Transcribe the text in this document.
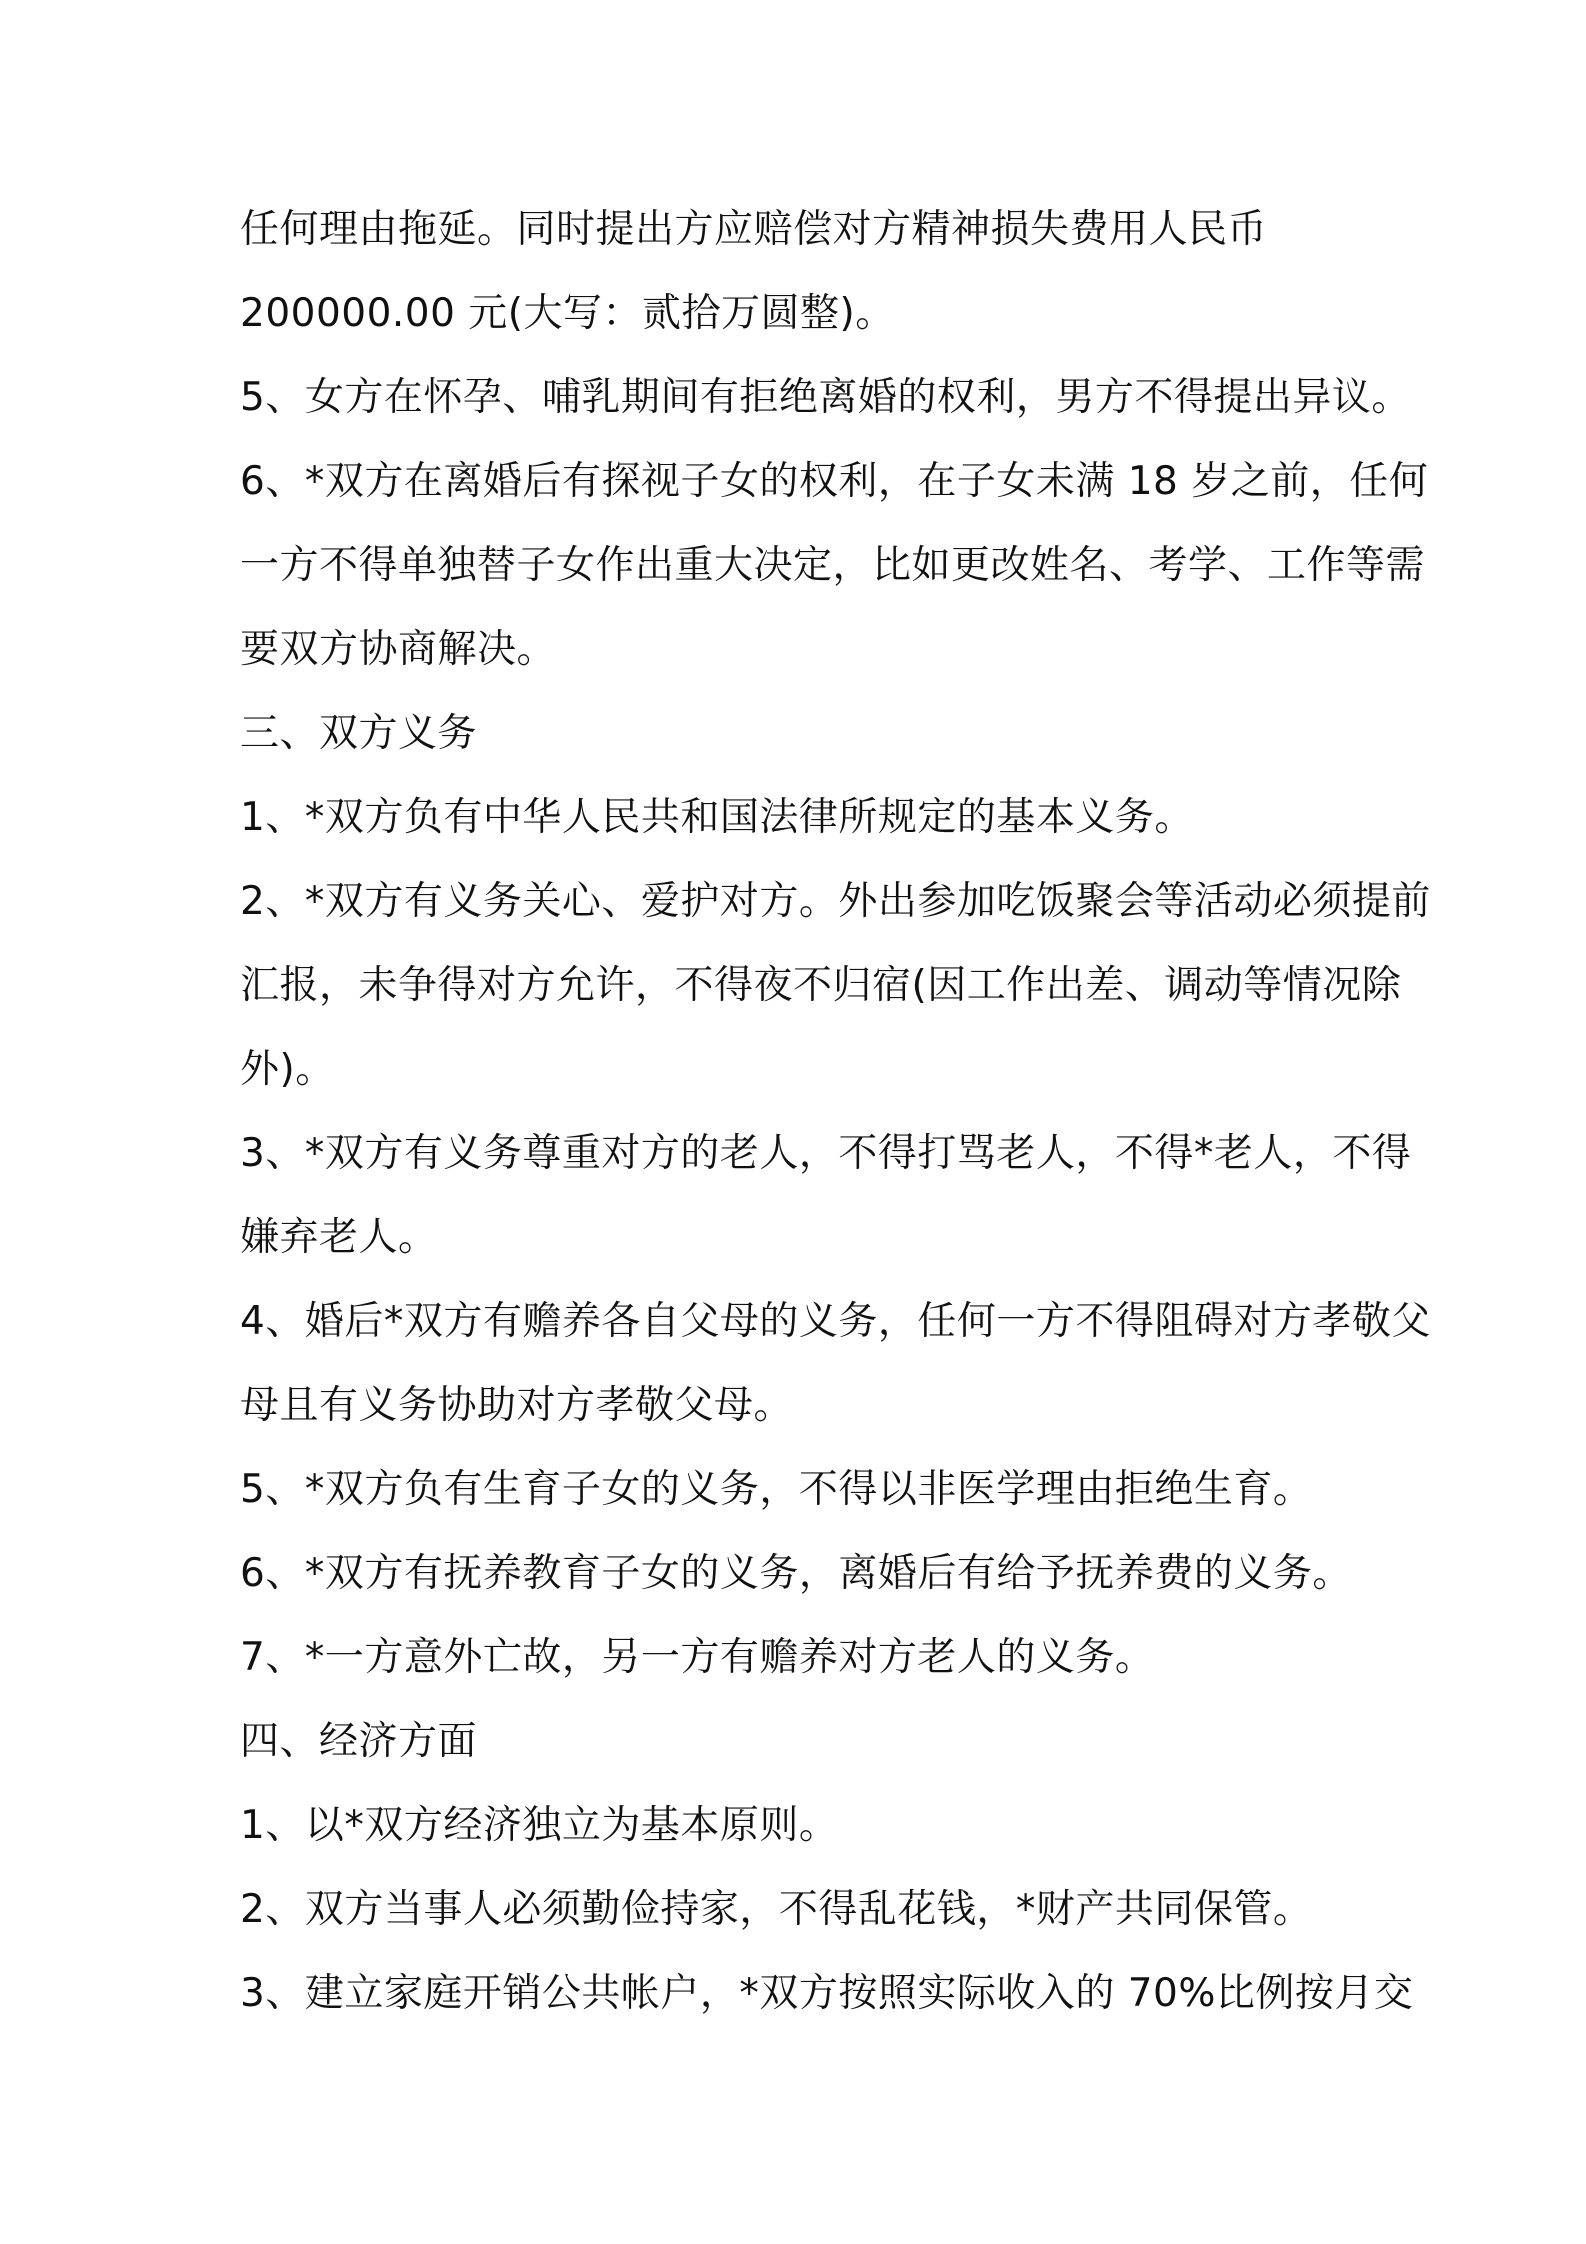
任何理由拖延。同时提出方应赔偿对方精神损失费用人民币
200000.00 元(大写：贰拾万圆整)。
5、女方在怀孕、哺乳期间有拒绝离婚的权利，男方不得提出异议。
6、*双方在离婚后有探视子女的权利，在子女未满 18 岁之前，任何
一方不得单独替子女作出重大决定，比如更改姓名、考学、工作等需
要双方协商解决。
三、双方义务
1、*双方负有中华人民共和国法律所规定的基本义务。
2、*双方有义务关心、爱护对方。外出参加吃饭聚会等活动必须提前
汇报，未争得对方允许，不得夜不归宿(因工作出差、调动等情况除
外)。
3、*双方有义务尊重对方的老人，不得打骂老人，不得*老人，不得
嫌弃老人。
4、婚后*双方有赡养各自父母的义务，任何一方不得阻碍对方孝敬父
母且有义务协助对方孝敬父母。
5、*双方负有生育子女的义务，不得以非医学理由拒绝生育。
6、*双方有抚养教育子女的义务，离婚后有给予抚养费的义务。
7、*一方意外亡故，另一方有赡养对方老人的义务。
四、经济方面
1、以*双方经济独立为基本原则。
2、双方当事人必须勤俭持家，不得乱花钱，*财产共同保管。
3、建立家庭开销公共帐户，*双方按照实际收入的 70%比例按月交
